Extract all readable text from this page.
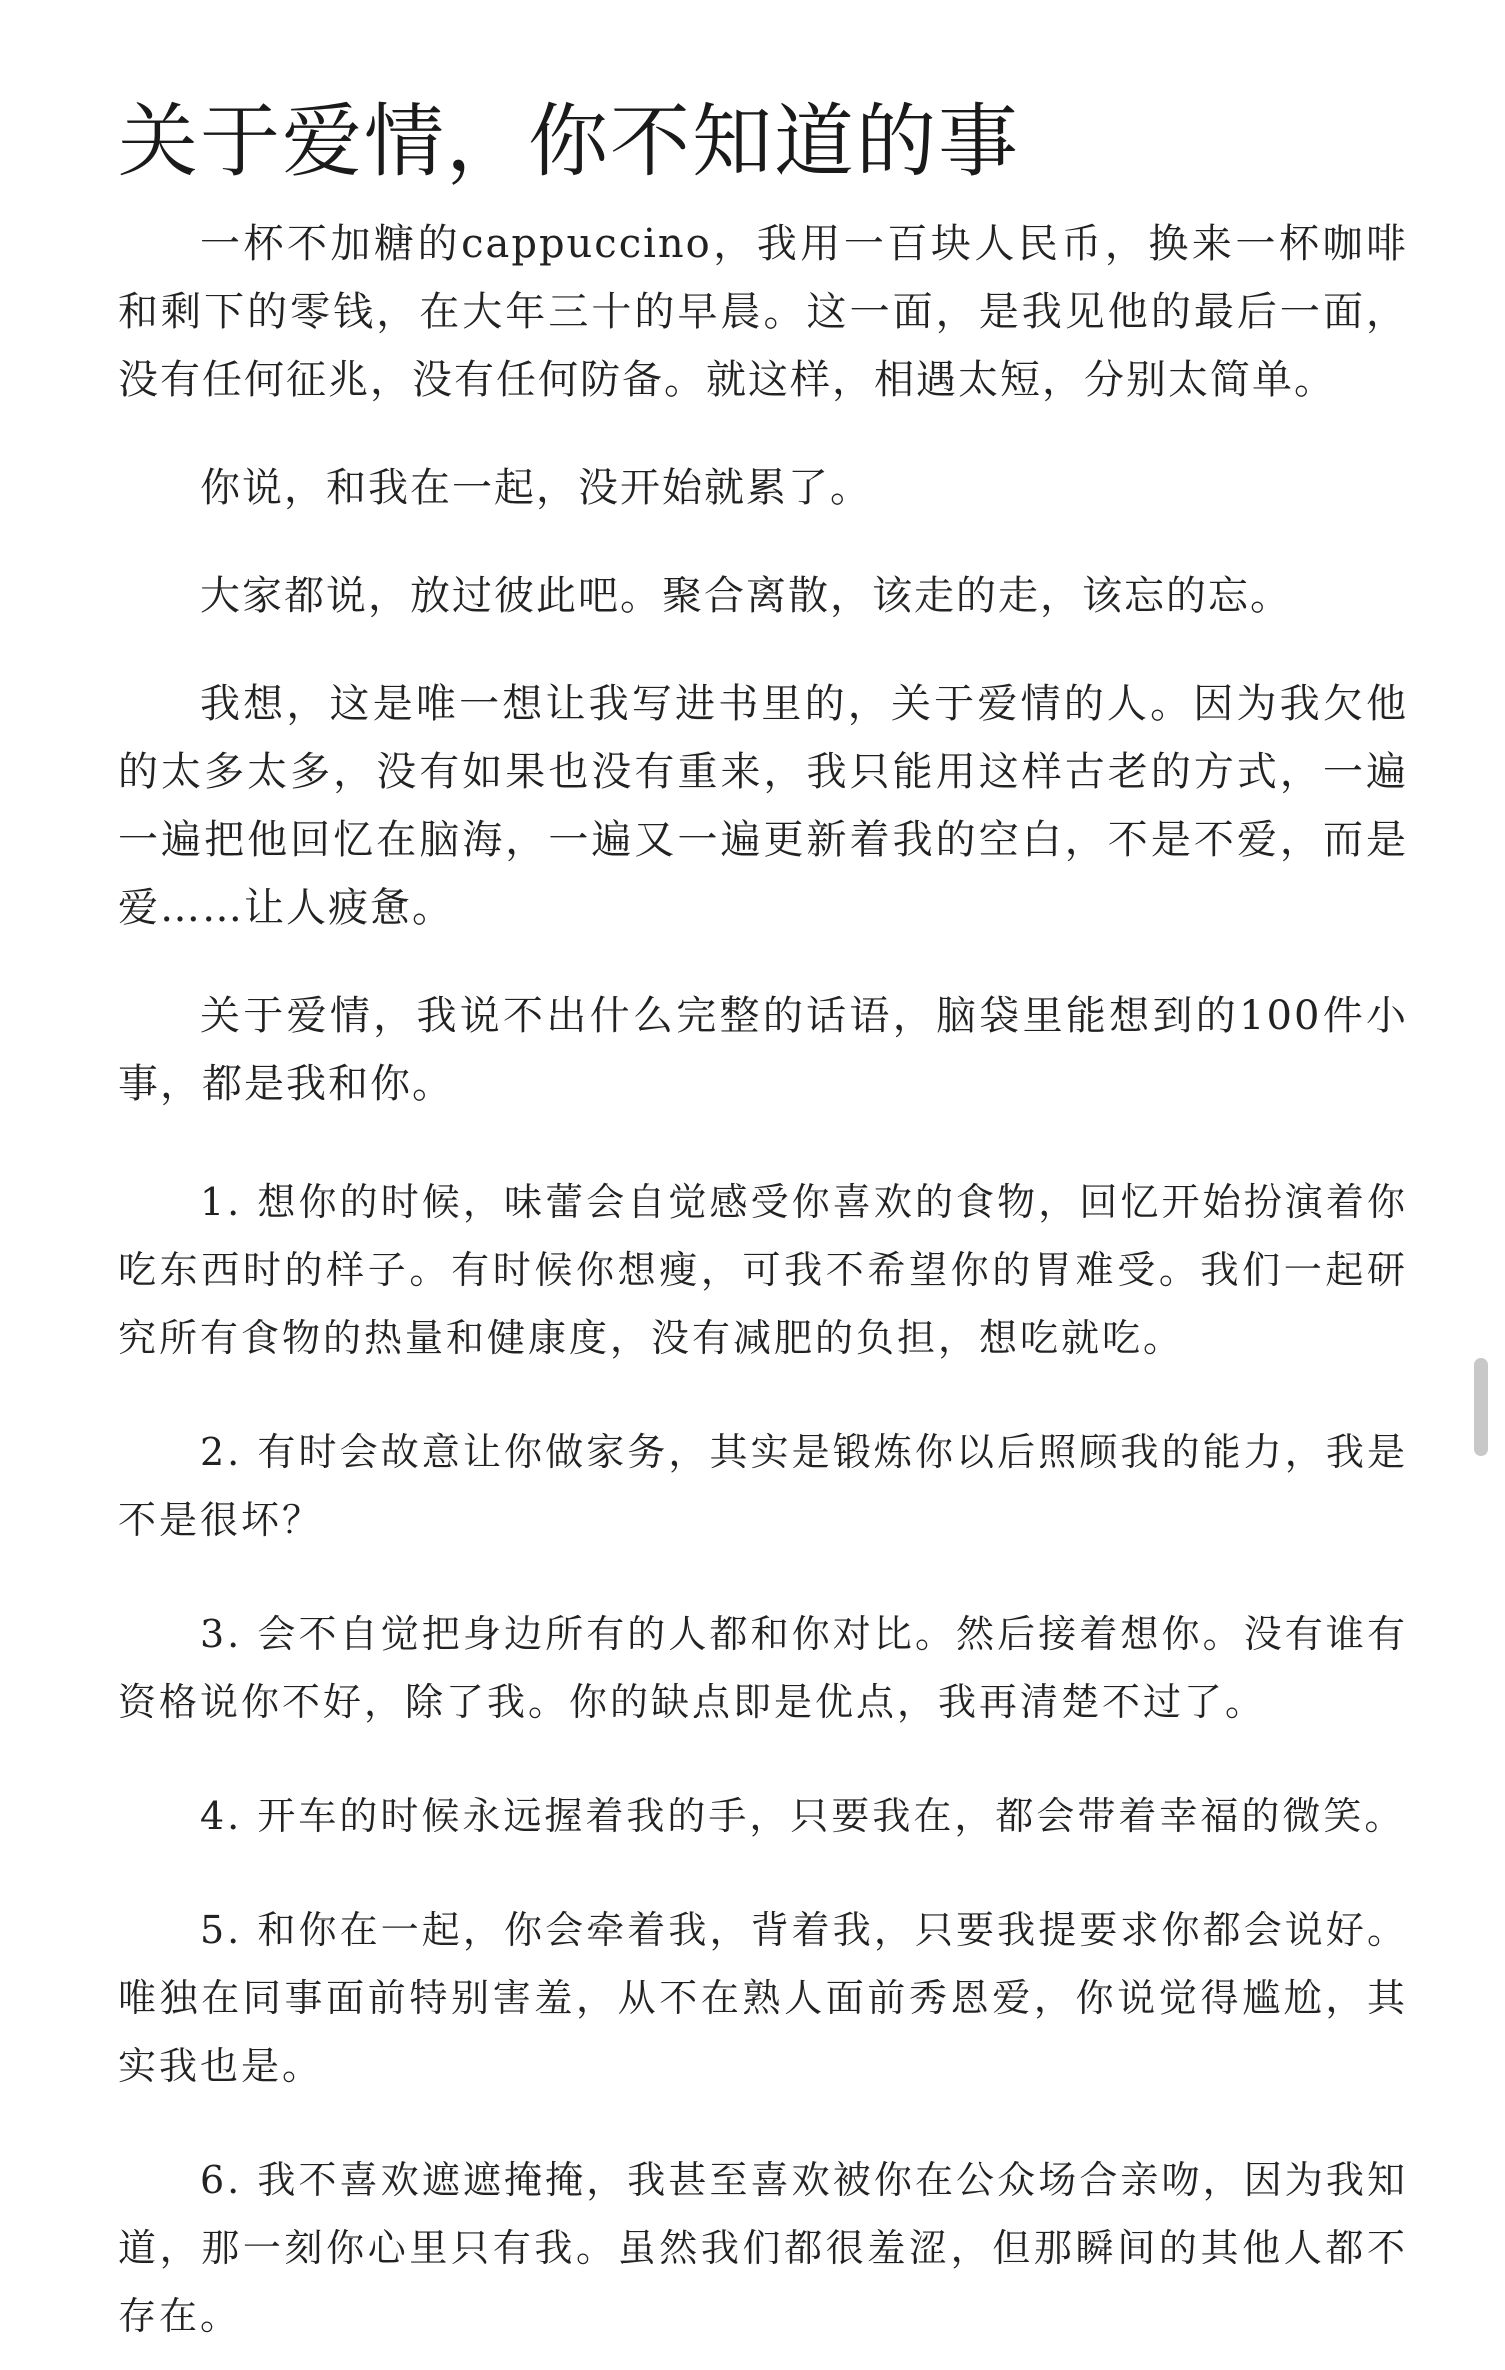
关于爱情，你不知道的事

一杯不加糖的cappuccino，我用一百块人民币，换来一杯咖啡和剩下的零钱，在大年三十的早晨。这一面，是我见他的最后一面，没有任何征兆，没有任何防备。就这样，相遇太短，分别太简单。

你说，和我在一起，没开始就累了。

大家都说，放过彼此吧。聚合离散，该走的走，该忘的忘。

我想，这是唯一想让我写进书里的，关于爱情的人。因为我欠他的太多太多，没有如果也没有重来，我只能用这样古老的方式，一遍一遍把他回忆在脑海，一遍又一遍更新着我的空白，不是不爱，而是爱……让人疲惫。

关于爱情，我说不出什么完整的话语，脑袋里能想到的100件小事，都是我和你。

1. 想你的时候，味蕾会自觉感受你喜欢的食物，回忆开始扮演着你吃东西时的样子。有时候你想瘦，可我不希望你的胃难受。我们一起研究所有食物的热量和健康度，没有减肥的负担，想吃就吃。

2. 有时会故意让你做家务，其实是锻炼你以后照顾我的能力，我是不是很坏？

3. 会不自觉把身边所有的人都和你对比。然后接着想你。没有谁有资格说你不好，除了我。你的缺点即是优点，我再清楚不过了。

4. 开车的时候永远握着我的手，只要我在，都会带着幸福的微笑。

5. 和你在一起，你会牵着我，背着我，只要我提要求你都会说好。唯独在同事面前特别害羞，从不在熟人面前秀恩爱，你说觉得尴尬，其实我也是。

6. 我不喜欢遮遮掩掩，我甚至喜欢被你在公众场合亲吻，因为我知道，那一刻你心里只有我。虽然我们都很羞涩，但那瞬间的其他人都不存在。
